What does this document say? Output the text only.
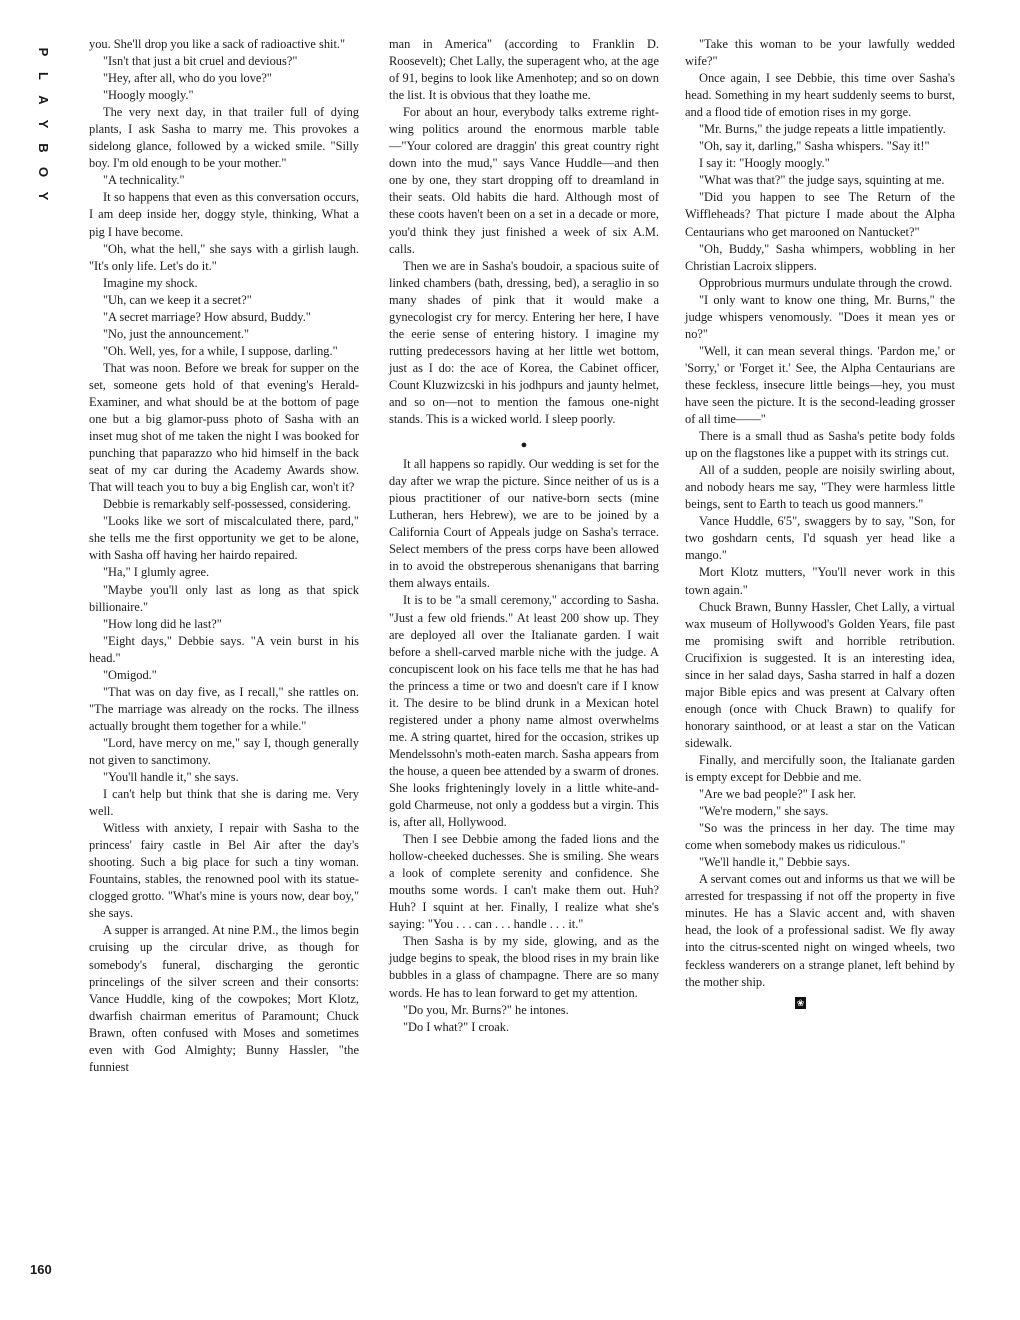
P
L
A
Y
B
O
Y
160

you. She'll drop you like a sack of radioactive shit."

"Isn't that just a bit cruel and devious?"

"Hey, after all, who do you love?"

"Hoogly moogly."

The very next day, in that trailer full of dying plants, I ask Sasha to marry me. This provokes a sidelong glance, followed by a wicked smile. "Silly boy. I'm old enough to be your mother."

"A technicality."

It so happens that even as this conversation occurs, I am deep inside her, doggy style, thinking, What a pig I have become.

"Oh, what the hell," she says with a girlish laugh. "It's only life. Let's do it."

Imagine my shock.

"Uh, can we keep it a secret?"

"A secret marriage? How absurd, Buddy."

"No, just the announcement."

"Oh. Well, yes, for a while, I suppose, darling."

That was noon. Before we break for supper on the set, someone gets hold of that evening's Herald-Examiner, and what should be at the bottom of page one but a big glamor-puss photo of Sasha with an inset mug shot of me taken the night I was booked for punching that paparazzo who hid himself in the back seat of my car during the Academy Awards show. That will teach you to buy a big English car, won't it?

Debbie is remarkably self-possessed, considering.

"Looks like we sort of miscalculated there, pard," she tells me the first opportunity we get to be alone, with Sasha off having her hairdo repaired.

"Ha," I glumly agree.

"Maybe you'll only last as long as that spick billionaire."

"How long did he last?"

"Eight days," Debbie says. "A vein burst in his head."

"Omigod."

"That was on day five, as I recall," she rattles on. "The marriage was already on the rocks. The illness actually brought them together for a while."

"Lord, have mercy on me," say I, though generally not given to sanctimony.

"You'll handle it," she says.

I can't help but think that she is daring me. Very well.

Witless with anxiety, I repair with Sasha to the princess' fairy castle in Bel Air after the day's shooting. Such a big place for such a tiny woman. Fountains, stables, the renowned pool with its statue-clogged grotto. "What's mine is yours now, dear boy," she says.

A supper is arranged. At nine P.M., the limos begin cruising up the circular drive, as though for somebody's funeral, discharging the gerontic princelings of the silver screen and their consorts: Vance Huddle, king of the cowpokes; Mort Klotz, dwarfish chairman emeritus of Paramount; Chuck Brawn, often confused with Moses and sometimes even with God Almighty; Bunny Hassler, "the funniest

man in America" (according to Franklin D. Roosevelt); Chet Lally, the superagent who, at the age of 91, begins to look like Amenhotep; and so on down the list. It is obvious that they loathe me.

For about an hour, everybody talks extreme right-wing politics around the enormous marble table—"Your colored are draggin' this great country right down into the mud," says Vance Huddle—and then one by one, they start dropping off to dreamland in their seats. Old habits die hard. Although most of these coots haven't been on a set in a decade or more, you'd think they just finished a week of six A.M. calls.

Then we are in Sasha's boudoir, a spacious suite of linked chambers (bath, dressing, bed), a seraglio in so many shades of pink that it would make a gynecologist cry for mercy. Entering her here, I have the eerie sense of entering history. I imagine my rutting predecessors having at her little wet bottom, just as I do: the ace of Korea, the Cabinet officer, Count Kluzwizcski in his jodhpurs and jaunty helmet, and so on—not to mention the famous one-night stands. This is a wicked world. I sleep poorly.

●

It all happens so rapidly. Our wedding is set for the day after we wrap the picture. Since neither of us is a pious practitioner of our native-born sects (mine Lutheran, hers Hebrew), we are to be joined by a California Court of Appeals judge on Sasha's terrace. Select members of the press corps have been allowed in to avoid the obstreperous shenanigans that barring them always entails.

It is to be "a small ceremony," according to Sasha. "Just a few old friends." At least 200 show up. They are deployed all over the Italianate garden. I wait before a shell-carved marble niche with the judge. A concupiscent look on his face tells me that he has had the princess a time or two and doesn't care if I know it. The desire to be blind drunk in a Mexican hotel registered under a phony name almost overwhelms me. A string quartet, hired for the occasion, strikes up Mendelssohn's moth-eaten march. Sasha appears from the house, a queen bee attended by a swarm of drones. She looks frighteningly lovely in a little white-and-gold Charmeuse, not only a goddess but a virgin. This is, after all, Hollywood.

Then I see Debbie among the faded lions and the hollow-cheeked duchesses. She is smiling. She wears a look of complete serenity and confidence. She mouths some words. I can't make them out. Huh? Huh? I squint at her. Finally, I realize what she's saying: "You . . . can . . . handle . . . it."

Then Sasha is by my side, glowing, and as the judge begins to speak, the blood rises in my brain like bubbles in a glass of champagne. There are so many words. He has to lean forward to get my attention.

"Do you, Mr. Burns?" he intones.

"Do I what?" I croak.

"Take this woman to be your lawfully wedded wife?"

Once again, I see Debbie, this time over Sasha's head. Something in my heart suddenly seems to burst, and a flood tide of emotion rises in my gorge.

"Mr. Burns," the judge repeats a little impatiently.

"Oh, say it, darling," Sasha whispers. "Say it!"

I say it: "Hoogly moogly."

"What was that?" the judge says, squinting at me.

"Did you happen to see The Return of the Wiffleheads? That picture I made about the Alpha Centaurians who get marooned on Nantucket?"

"Oh, Buddy," Sasha whimpers, wobbling in her Christian Lacroix slippers.

Opprobrious murmurs undulate through the crowd.

"I only want to know one thing, Mr. Burns," the judge whispers venomously. "Does it mean yes or no?"

"Well, it can mean several things. 'Pardon me,' or 'Sorry,' or 'Forget it.' See, the Alpha Centaurians are these feckless, insecure little beings—hey, you must have seen the picture. It is the second-leading grosser of all time——"

There is a small thud as Sasha's petite body folds up on the flagstones like a puppet with its strings cut.

All of a sudden, people are noisily swirling about, and nobody hears me say, "They were harmless little beings, sent to Earth to teach us good manners."

Vance Huddle, 6'5", swaggers by to say, "Son, for two goshdarn cents, I'd squash yer head like a mango."

Mort Klotz mutters, "You'll never work in this town again."

Chuck Brawn, Bunny Hassler, Chet Lally, a virtual wax museum of Hollywood's Golden Years, file past me promising swift and horrible retribution. Crucifixion is suggested. It is an interesting idea, since in her salad days, Sasha starred in half a dozen major Bible epics and was present at Calvary often enough (once with Chuck Brawn) to qualify for honorary sainthood, or at least a star on the Vatican sidewalk.

Finally, and mercifully soon, the Italianate garden is empty except for Debbie and me.

"Are we bad people?" I ask her.

"We're modern," she says.

"So was the princess in her day. The time may come when somebody makes us ridiculous."

"We'll handle it," Debbie says.

A servant comes out and informs us that we will be arrested for trespassing if not off the property in five minutes. He has a Slavic accent and, with shaven head, the look of a professional sadist. We fly away into the citrus-scented night on winged wheels, two feckless wanderers on a strange planet, left behind by the mother ship.

❀
